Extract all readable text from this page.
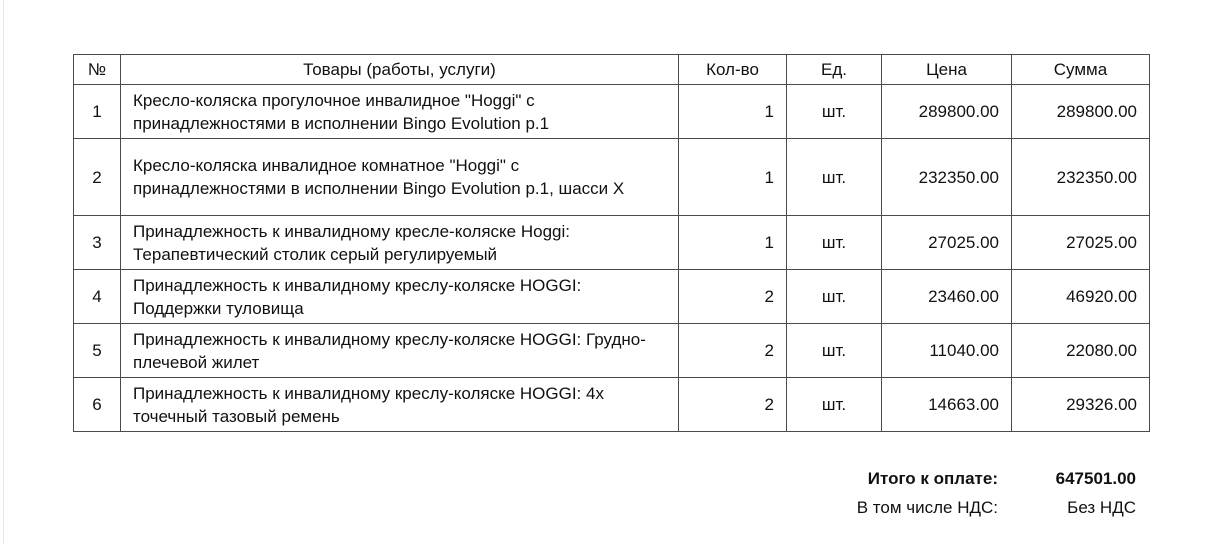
№	Товары (работы, услуги)	Кол-во	Ед.	Цена	Сумма
1	Кресло-коляска прогулочное инвалидное "Hoggi" с принадлежностями в исполнении Bingo Evolution р.1	1	шт.	289800.00	289800.00
2	Кресло-коляска инвалидное комнатное "Hoggi" с принадлежностями в исполнении Bingo Evolution р.1, шасси X	1	шт.	232350.00	232350.00
3	Принадлежность к инвалидному кресле-коляске Hoggi: Терапевтический столик серый регулируемый	1	шт.	27025.00	27025.00
4	Принадлежность к инвалидному креслу-коляске HOGGI: Поддержки туловища	2	шт.	23460.00	46920.00
5	Принадлежность к инвалидному креслу-коляске HOGGI: Грудно-плечевой жилет	2	шт.	11040.00	22080.00
6	Принадлежность к инвалидному креслу-коляске HOGGI: 4x точечный тазовый ремень	2	шт.	14663.00	29326.00
Итого к оплате:	647501.00
В том числе НДС:	Без НДС
